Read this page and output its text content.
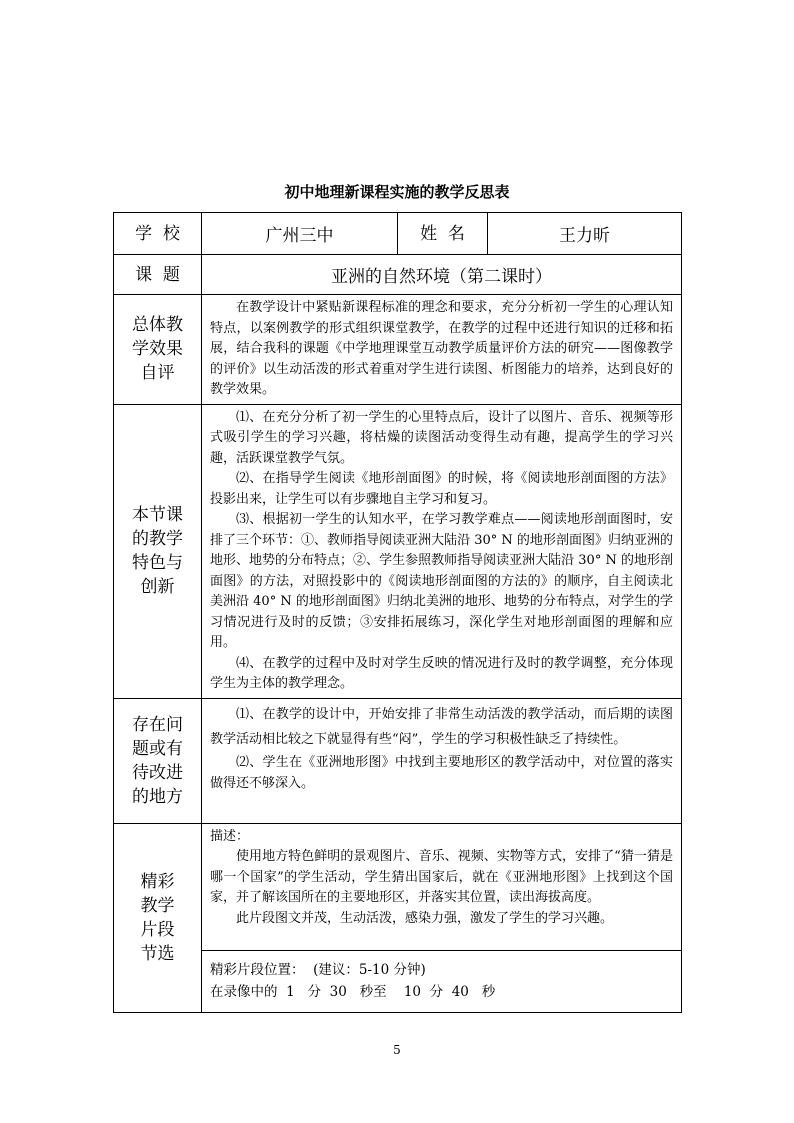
初中地理新课程实施的教学反思表
学  校	广州三中	姓  名	王力昕
课  题	亚洲的自然环境（第二课时）		

总体教学效果自评	在教学设计中紧贴新课程标准的理念和要求，充分分析初一学生的心理认知特点，以案例教学的形式组织课堂教学，在教学的过程中还进行知识的迁移和拓展，结合我科的课题《中学地理课堂互动教学质量评价方法的研究——图像教学的评价》以生动活泼的形式着重对学生进行读图、析图能力的培养，达到良好的教学效果。		

本节课的教学特色与创新	⑴、在充分分析了初一学生的心里特点后，设计了以图片、音乐、视频等形式吸引学生的学习兴趣，将枯燥的读图活动变得生动有趣，提高学生的学习兴趣，活跃课堂教学气氛。

⑵、在指导学生阅读《地形剖面图》的时候，将《阅读地形剖面图的方法》投影出来，让学生可以有步骤地自主学习和复习。

⑶、根据初一学生的认知水平，在学习教学难点——阅读地形剖面图时，安排了三个环节：①、教师指导阅读亚洲大陆沿 30° N 的地形剖面图》归纳亚洲的地形、地势的分布特点；②、学生参照教师指导阅读亚洲大陆沿 30° N 的地形剖面图》的方法，对照投影中的《阅读地形剖面图的方法的》的顺序，自主阅读北美洲沿 40° N 的地形剖面图》归纳北美洲的地形、地势的分布特点，对学生的学习情况进行及时的反馈；③安排拓展练习，深化学生对地形剖面图的理解和应用。

⑷、在教学的过程中及时对学生反映的情况进行及时的教学调整，充分体现学生为主体的教学理念。		

存在问题或有待改进的地方	⑴、在教学的设计中，开始安排了非常生动活泼的教学活动，而后期的读图教学活动相比较之下就显得有些“闷”，学生的学习积极性缺乏了持续性。

⑵、学生在《亚洲地形图》中找到主要地形区的教学活动中，对位置的落实做得还不够深入。		

精彩教学片段节选	描述：

使用地方特色鲜明的景观图片、音乐、视频、实物等方式，安排了“猜一猜是哪一个国家”的学生活动，学生猜出国家后，就在《亚洲地形图》上找到这个国家，并了解该国所在的主要地形区，并落实其位置，读出海拔高度。

此片段图文并茂，生动活泼，感染力强，激发了学生的学习兴趣。		

	精彩片段位置：  (建议：5-10 分钟)

在录像中的  1   分  30   秒至    10  分  40   秒		

5
